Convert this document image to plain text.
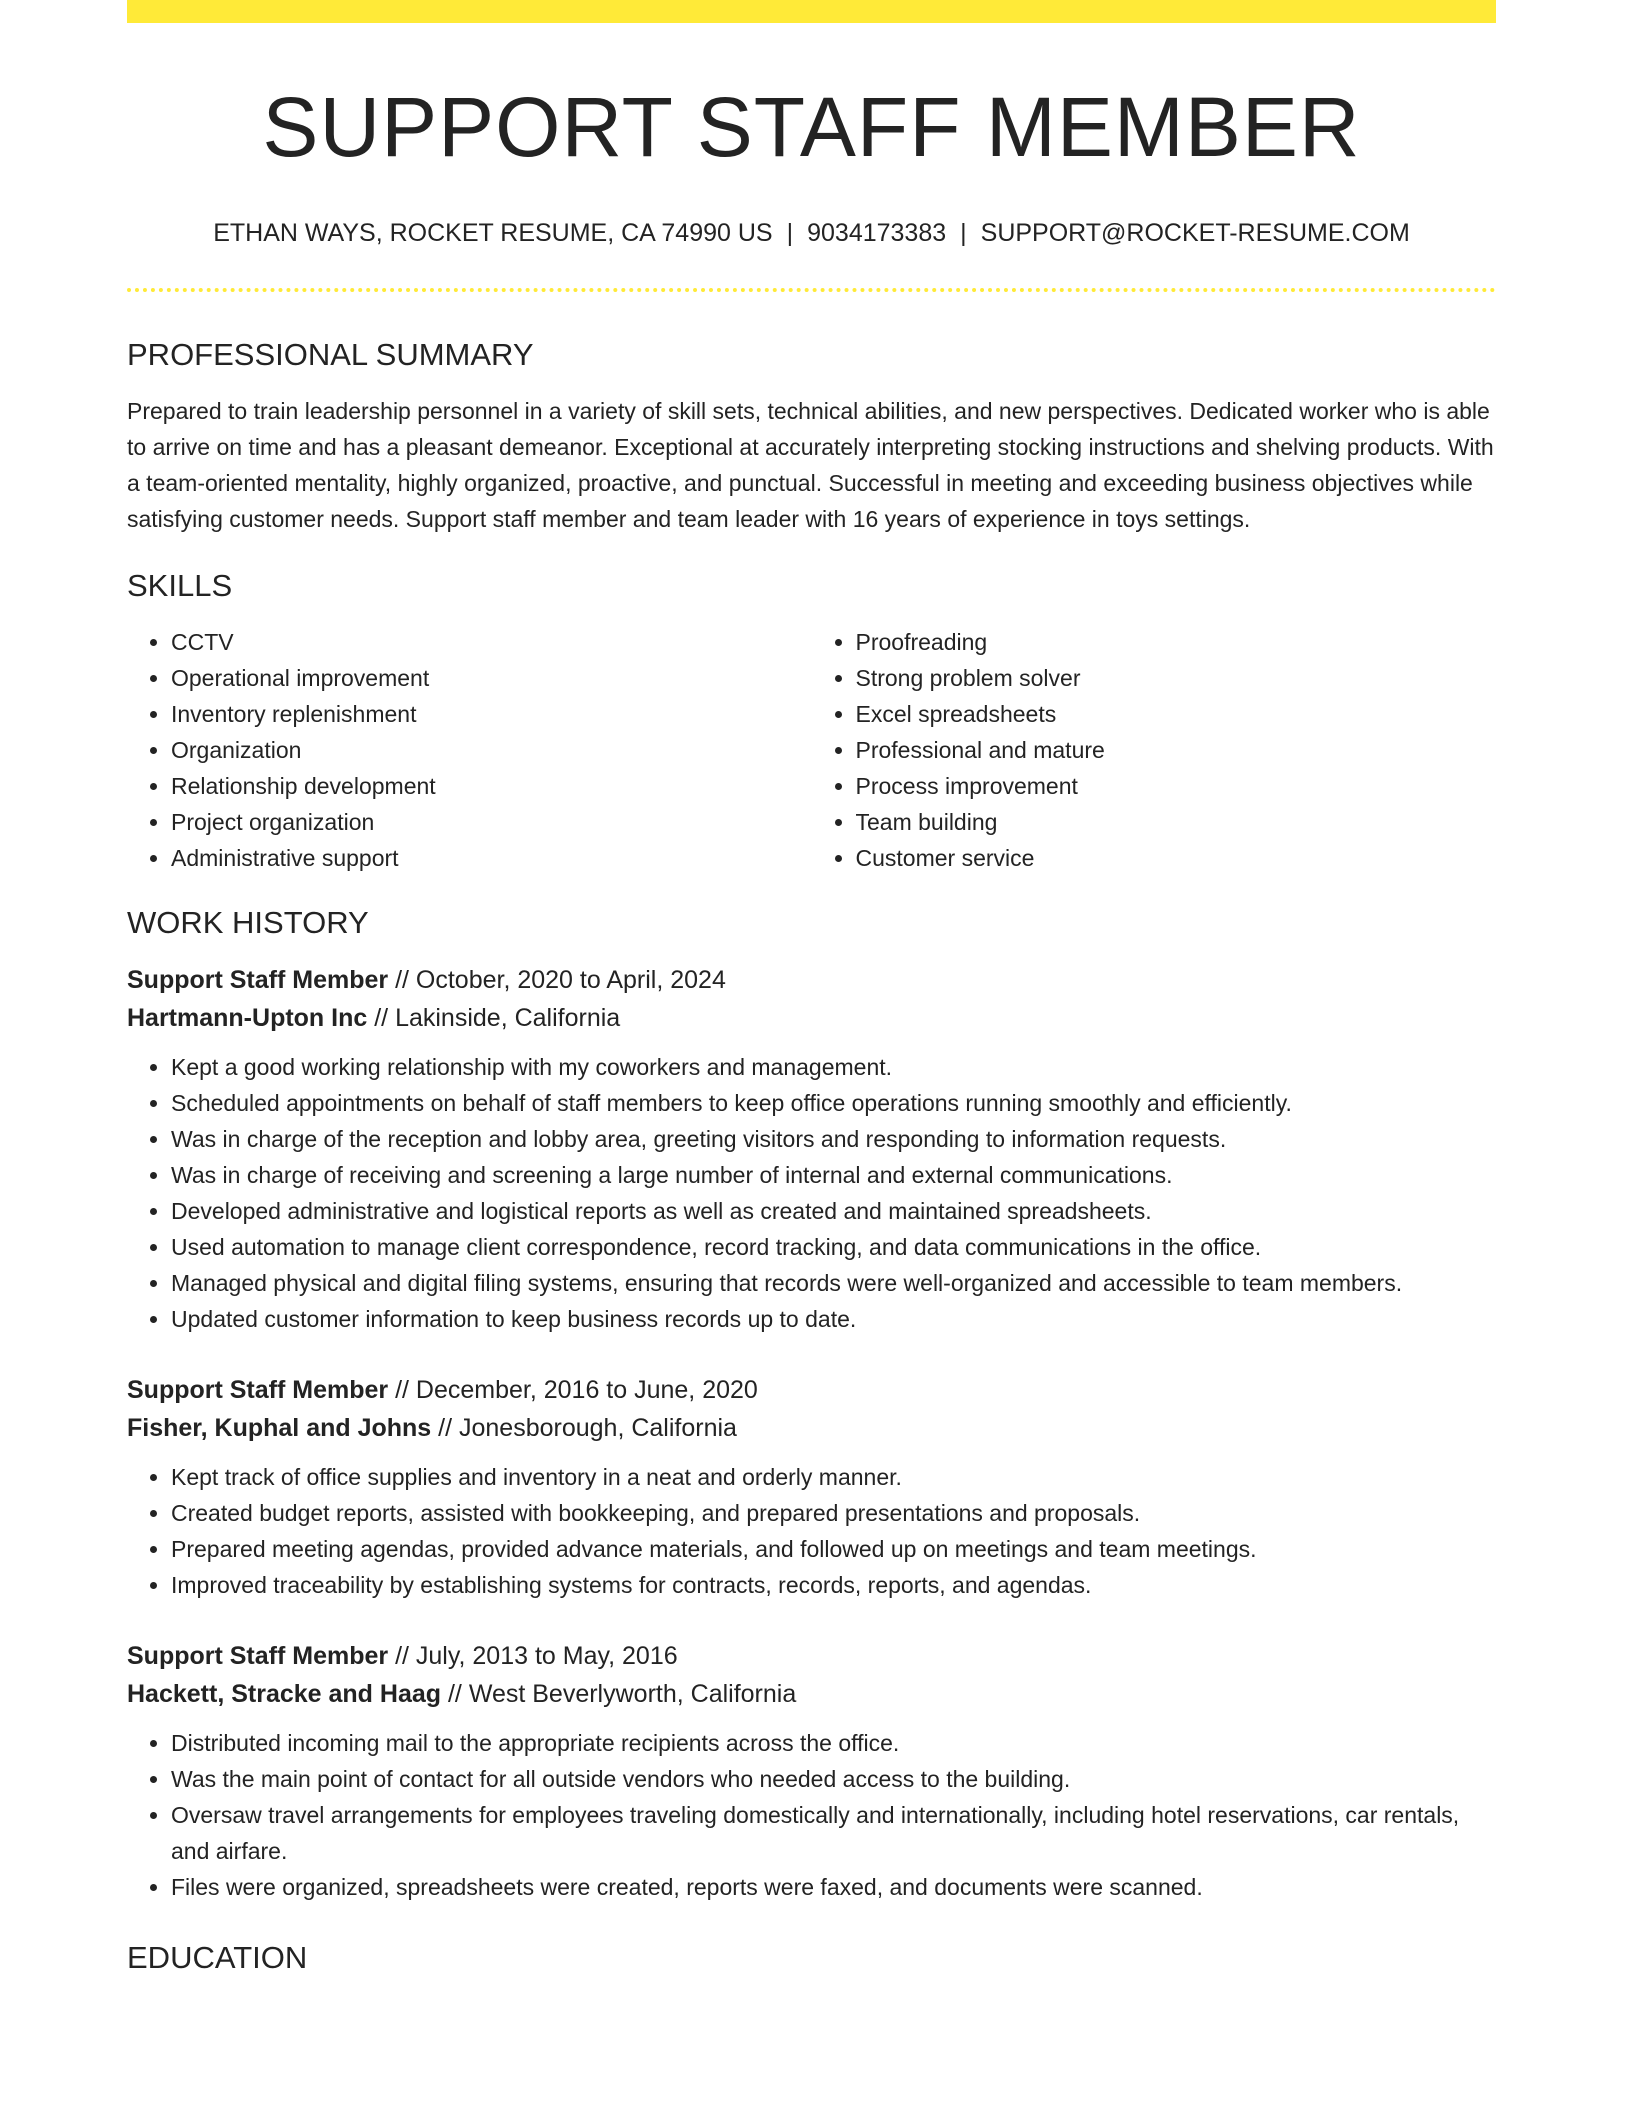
SUPPORT STAFF MEMBER
ETHAN WAYS, ROCKET RESUME, CA 74990 US | 9034173383 | SUPPORT@ROCKET-RESUME.COM
PROFESSIONAL SUMMARY

Prepared to train leadership personnel in a variety of skill sets, technical abilities, and new perspectives. Dedicated worker who is able to arrive on time and has a pleasant demeanor. Exceptional at accurately interpreting stocking instructions and shelving products. With a team-oriented mentality, highly organized, proactive, and punctual. Successful in meeting and exceeding business objectives while satisfying customer needs. Support staff member and team leader with 16 years of experience in toys settings.

SKILLS
• CCTV
• Operational improvement
• Inventory replenishment
• Organization
• Relationship development
• Project organization
• Administrative support
• Proofreading
• Strong problem solver
• Excel spreadsheets
• Professional and mature
• Process improvement
• Team building
• Customer service
WORK HISTORY
Support Staff Member // October, 2020 to April, 2024
Hartmann-Upton Inc // Lakinside, California
• Kept a good working relationship with my coworkers and management.
• Scheduled appointments on behalf of staff members to keep office operations running smoothly and efficiently.
• Was in charge of the reception and lobby area, greeting visitors and responding to information requests.
• Was in charge of receiving and screening a large number of internal and external communications.
• Developed administrative and logistical reports as well as created and maintained spreadsheets.
• Used automation to manage client correspondence, record tracking, and data communications in the office.
• Managed physical and digital filing systems, ensuring that records were well-organized and accessible to team members.
• Updated customer information to keep business records up to date.
Support Staff Member // December, 2016 to June, 2020
Fisher, Kuphal and Johns // Jonesborough, California
• Kept track of office supplies and inventory in a neat and orderly manner.
• Created budget reports, assisted with bookkeeping, and prepared presentations and proposals.
• Prepared meeting agendas, provided advance materials, and followed up on meetings and team meetings.
• Improved traceability by establishing systems for contracts, records, reports, and agendas.
Support Staff Member // July, 2013 to May, 2016
Hackett, Stracke and Haag // West Beverlyworth, California
• Distributed incoming mail to the appropriate recipients across the office.
• Was the main point of contact for all outside vendors who needed access to the building.
• Oversaw travel arrangements for employees traveling domestically and internationally, including hotel reservations, car rentals, and airfare.
• Files were organized, spreadsheets were created, reports were faxed, and documents were scanned.
EDUCATION
